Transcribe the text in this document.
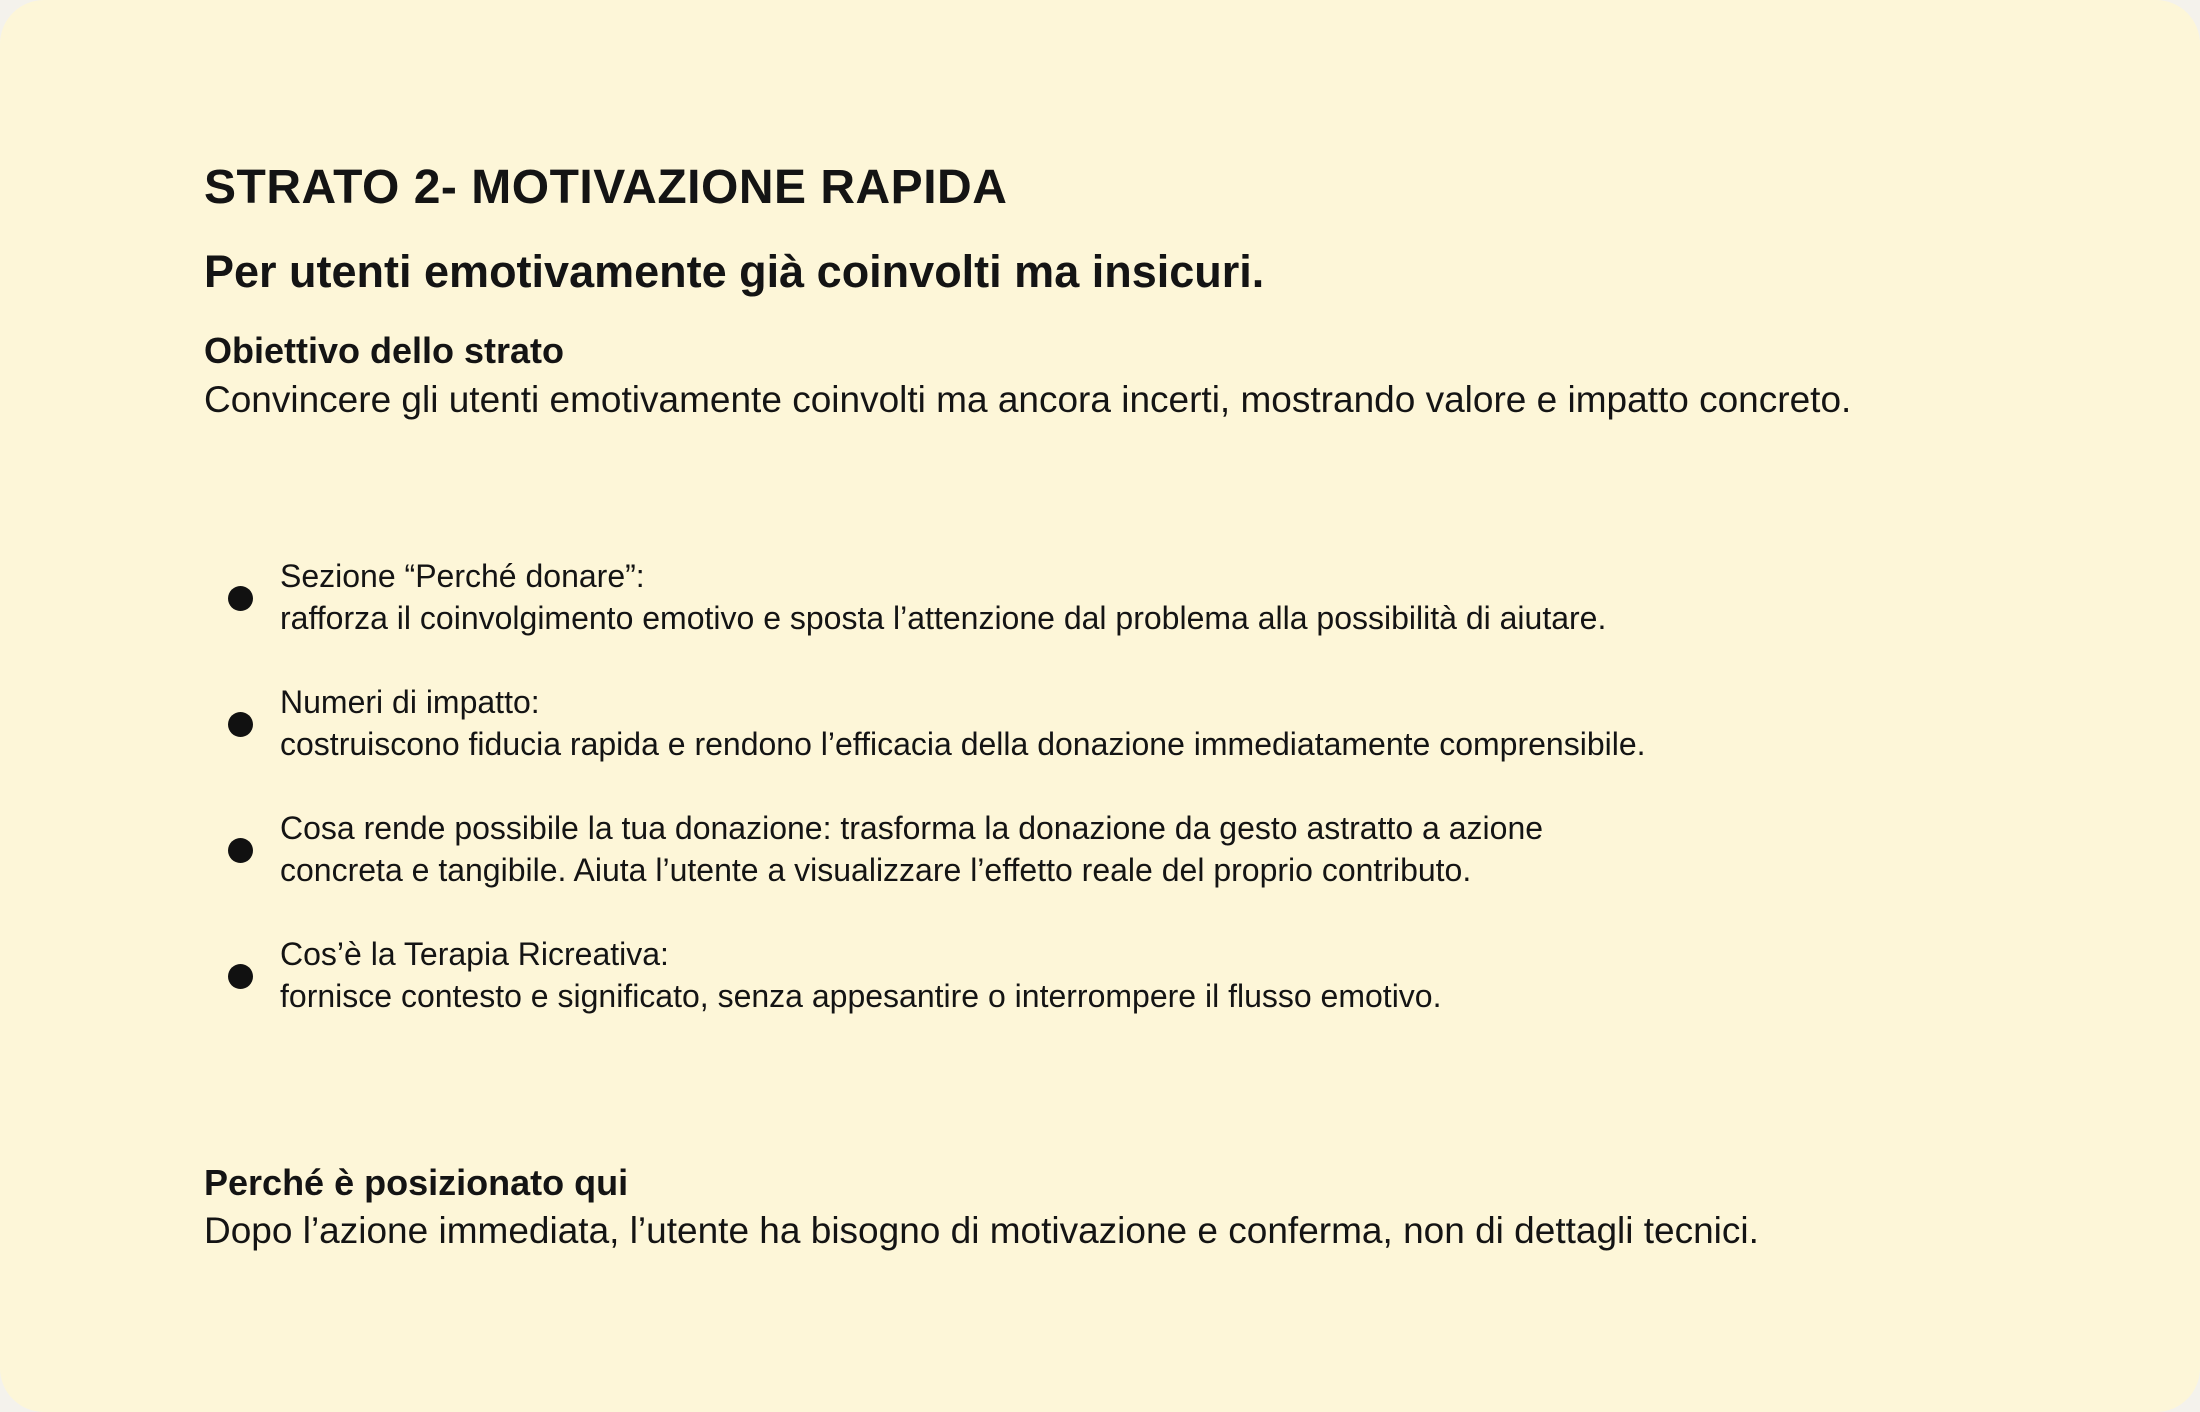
STRATO 2- MOTIVAZIONE RAPIDA
Per utenti emotivamente già coinvolti ma insicuri.
Obiettivo dello strato

Convincere gli utenti emotivamente coinvolti ma ancora incerti, mostrando valore e impatto concreto.

Sezione “Perché donare”:
rafforza il coinvolgimento emotivo e sposta l’attenzione dal problema alla possibilità di aiutare.
Numeri di impatto:
costruiscono fiducia rapida e rendono l’efficacia della donazione immediatamente comprensibile.
Cosa rende possibile la tua donazione: trasforma la donazione da gesto astratto a azione
concreta e tangibile. Aiuta l’utente a visualizzare l’effetto reale del proprio contributo.
Cos’è la Terapia Ricreativa:
fornisce contesto e significato, senza appesantire o interrompere il flusso emotivo.
Perché è posizionato qui

Dopo l’azione immediata, l’utente ha bisogno di motivazione e conferma, non di dettagli tecnici.
